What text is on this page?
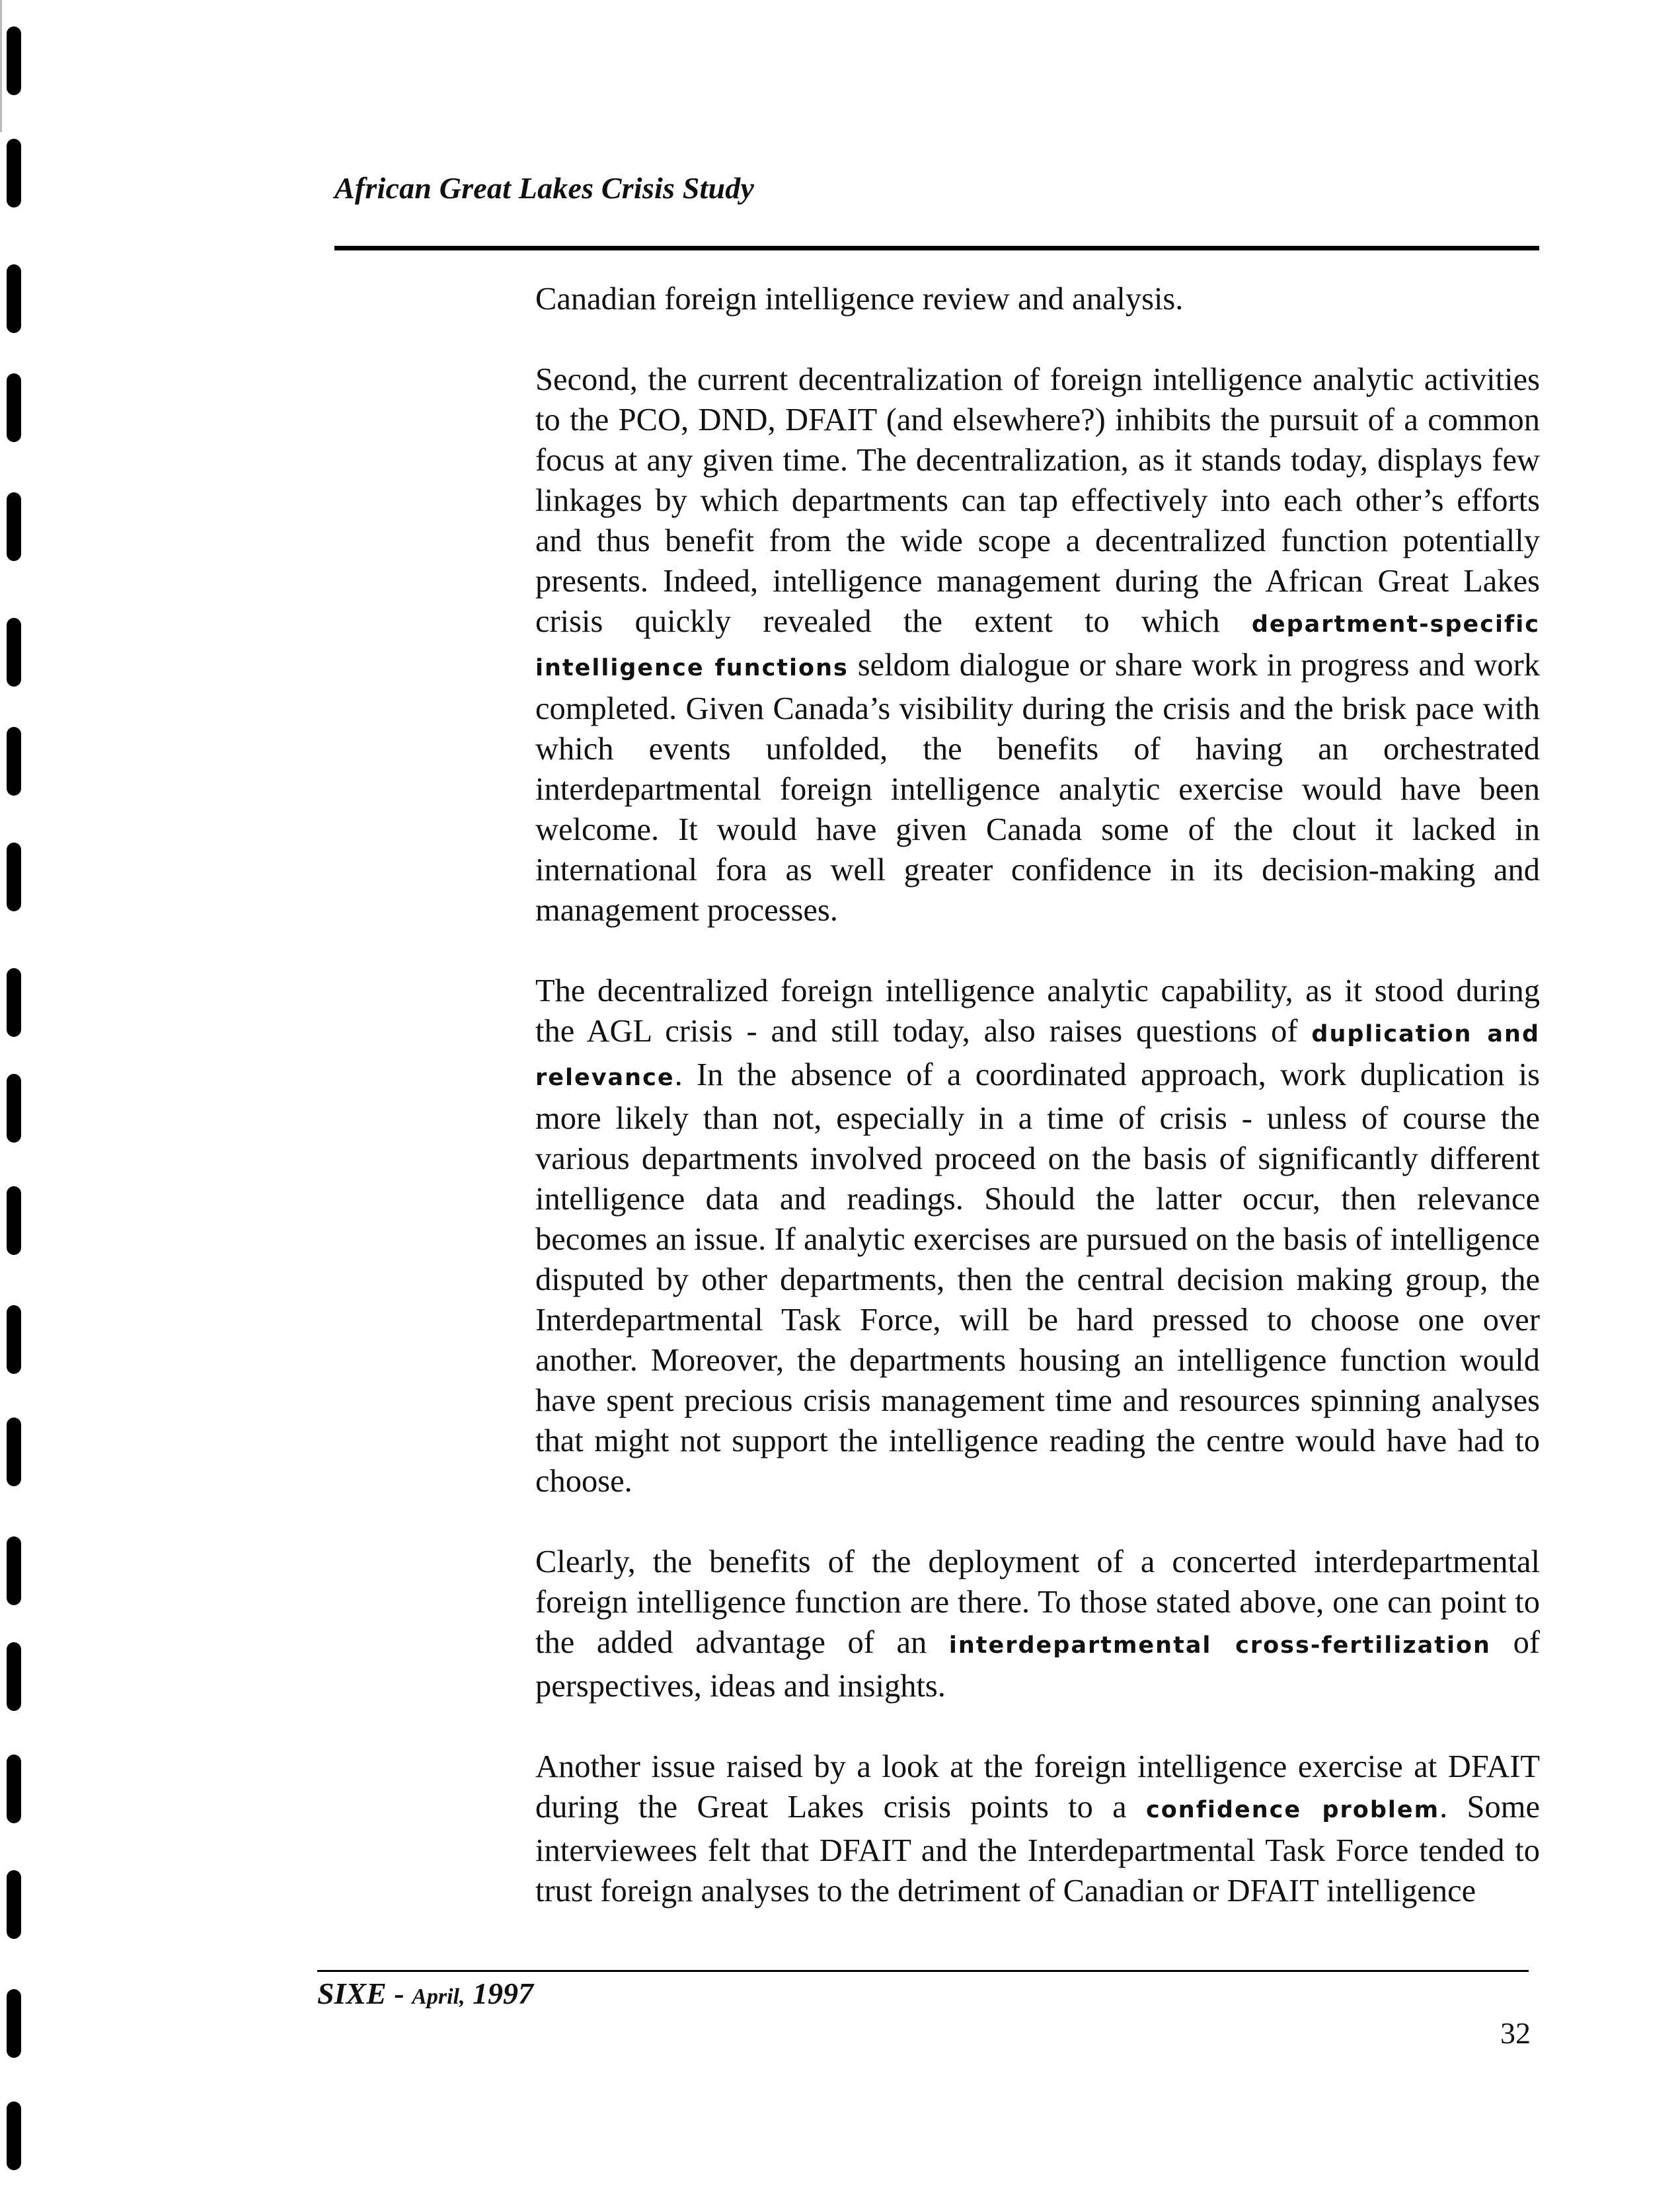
African Great Lakes Crisis Study

Canadian foreign intelligence review and analysis.

Second, the current decentralization of foreign intelligence analytic activities to the PCO, DND, DFAIT (and elsewhere?) inhibits the pursuit of a common focus at any given time. The decentralization, as it stands today, displays few linkages by which departments can tap effectively into each other’s efforts and thus benefit from the wide scope a decentralized function potentially presents. Indeed, intelligence management during the African Great Lakes crisis quickly revealed the extent to which department-specific intelligence functions seldom dialogue or share work in progress and work completed. Given Canada’s visibility during the crisis and the brisk pace with which events unfolded, the benefits of having an orchestrated interdepartmental foreign intelligence analytic exercise would have been welcome. It would have given Canada some of the clout it lacked in international fora as well greater confidence in its decision-making and management processes.

The decentralized foreign intelligence analytic capability, as it stood during the AGL crisis - and still today, also raises questions of duplication and relevance. In the absence of a coordinated approach, work duplication is more likely than not, especially in a time of crisis - unless of course the various departments involved proceed on the basis of significantly different intelligence data and readings. Should the latter occur, then relevance becomes an issue. If analytic exercises are pursued on the basis of intelligence disputed by other departments, then the central decision making group, the Interdepartmental Task Force, will be hard pressed to choose one over another. Moreover, the departments housing an intelligence function would have spent precious crisis management time and resources spinning analyses that might not support the intelligence reading the centre would have had to choose.

Clearly, the benefits of the deployment of a concerted interdepartmental foreign intelligence function are there. To those stated above, one can point to the added advantage of an interdepartmental cross-fertilization of perspectives, ideas and insights.

Another issue raised by a look at the foreign intelligence exercise at DFAIT during the Great Lakes crisis points to a confidence problem. Some interviewees felt that DFAIT and the Interdepartmental Task Force tended to trust foreign analyses to the detriment of Canadian or DFAIT intelligence

SIXE - April, 1997
32
